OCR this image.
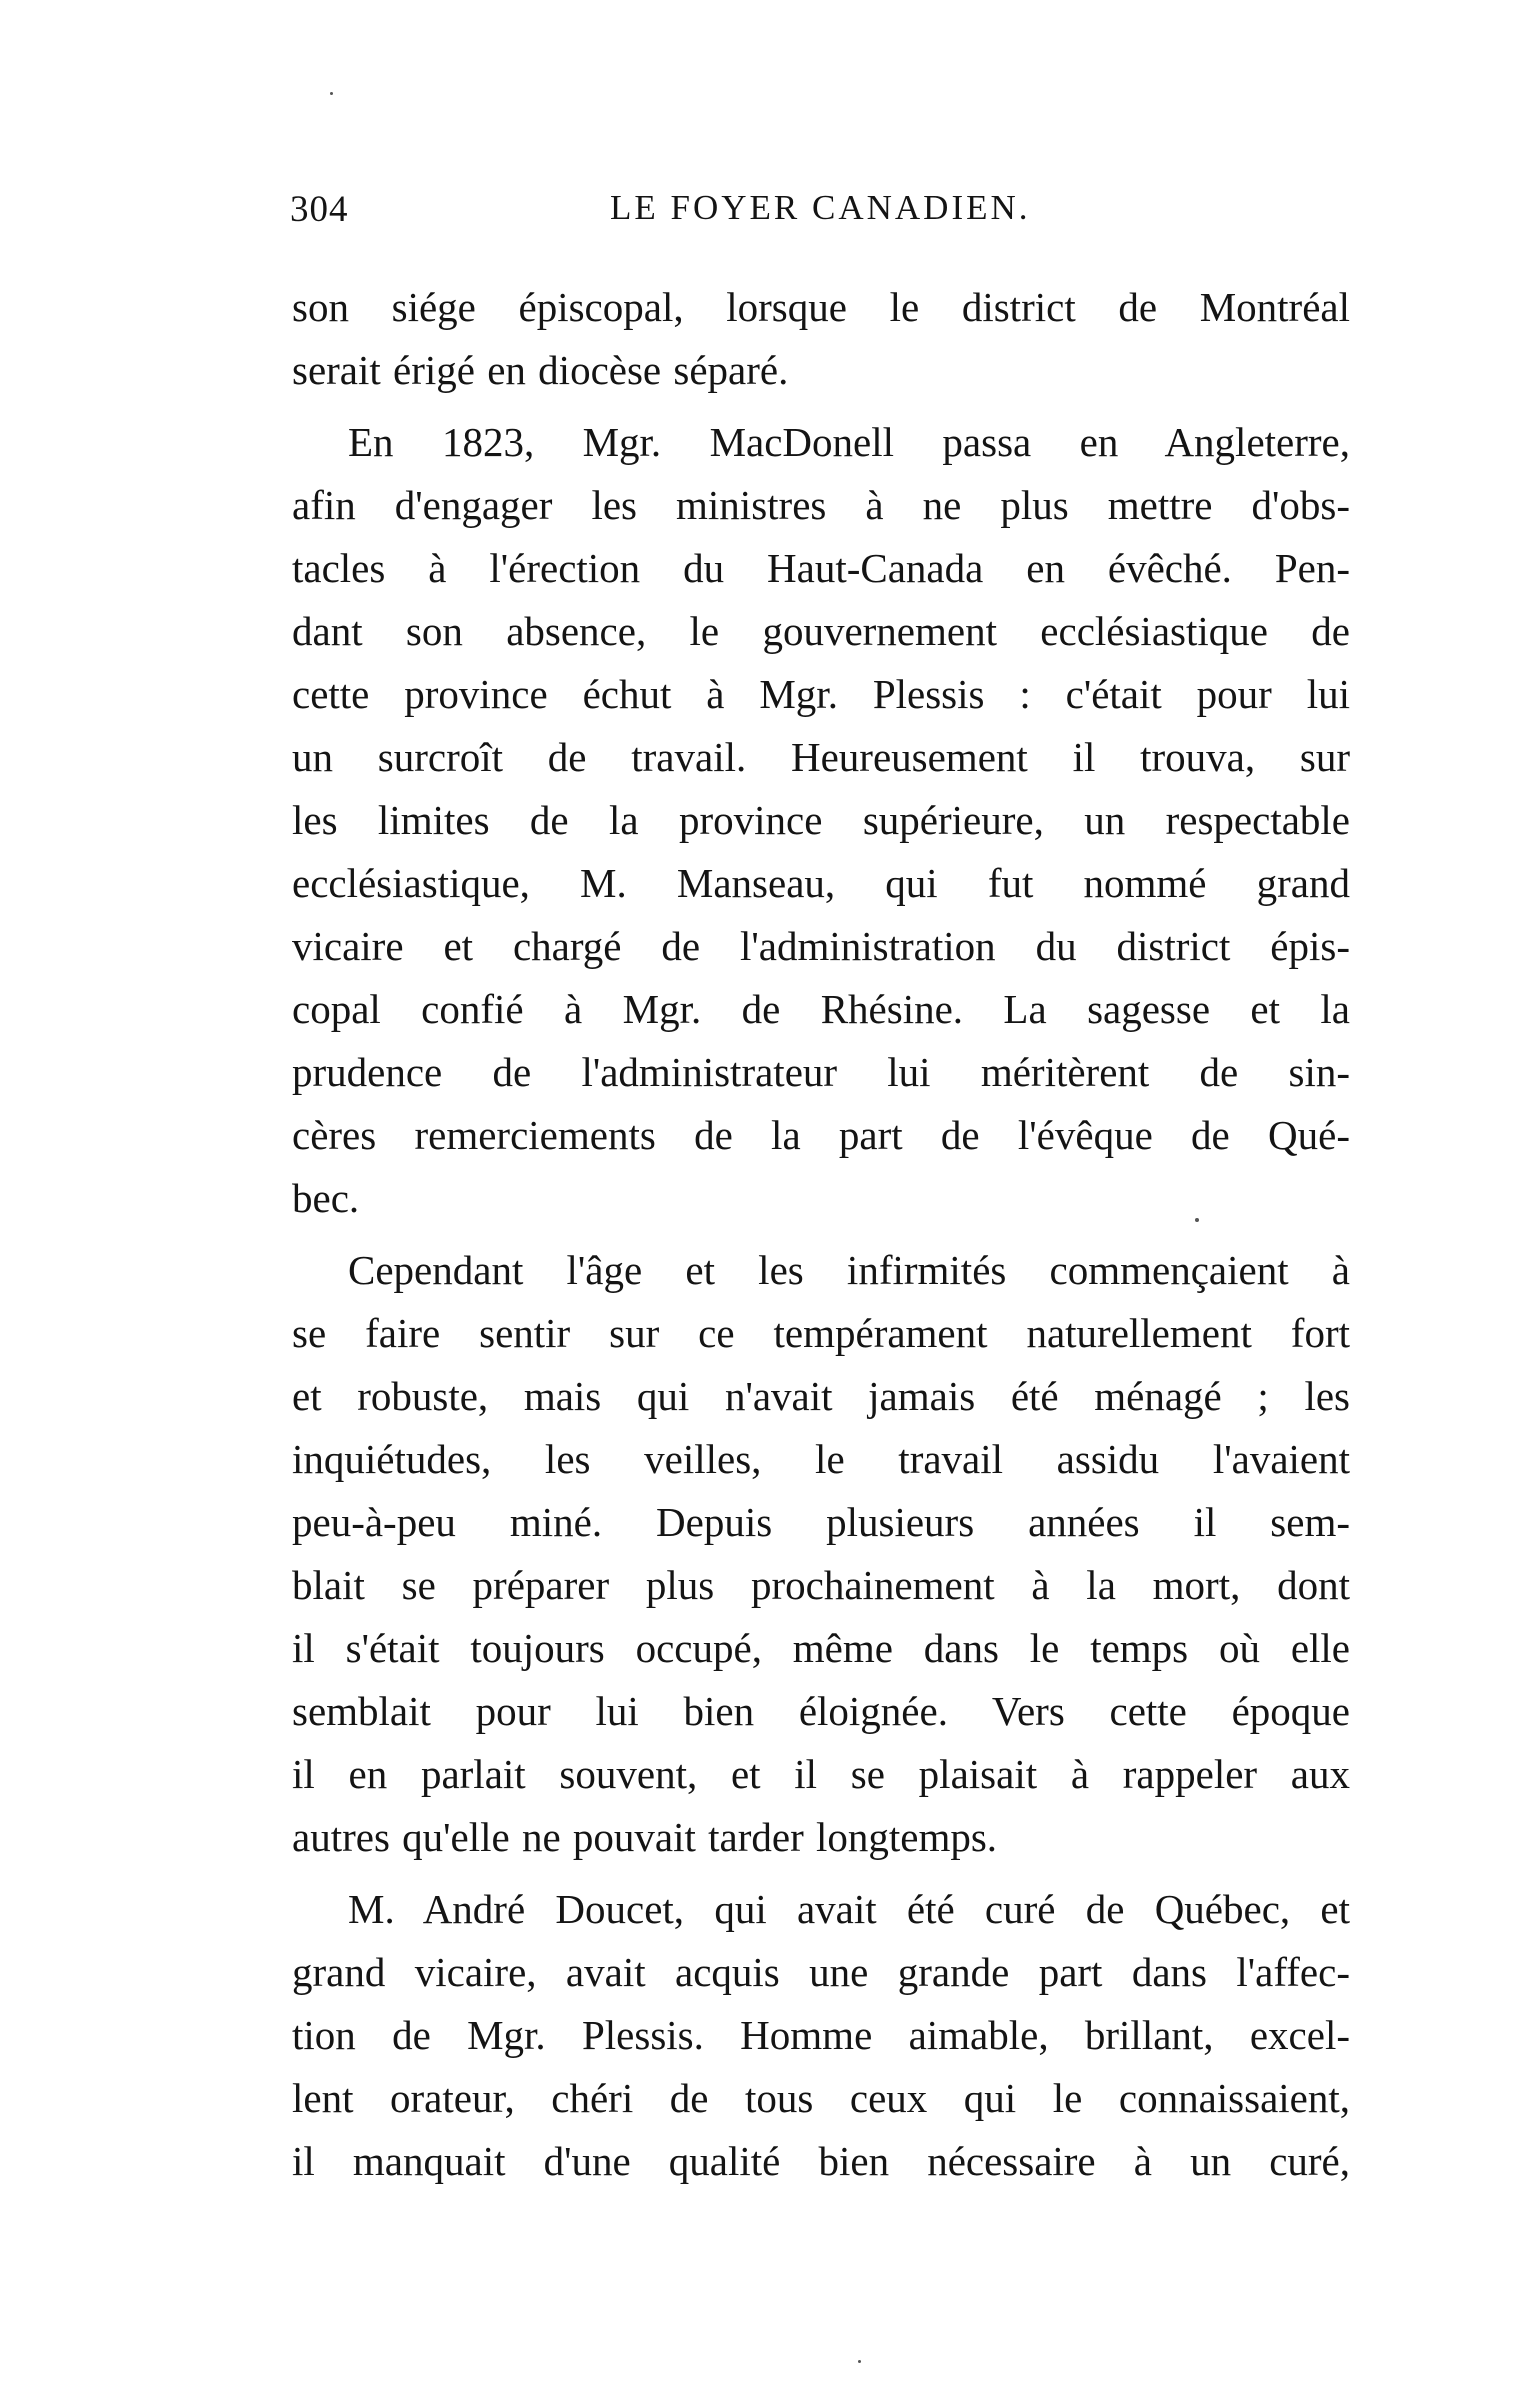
304	LE FOYER CANADIEN.
son siége épiscopal, lorsque le district de Montréal
serait érigé en diocèse séparé.
En 1823, Mgr. MacDonell passa en Angleterre,
afin d'engager les ministres à ne plus mettre d'obs-
tacles à l'érection du Haut-Canada en évêché. Pen-
dant son absence, le gouvernement ecclésiastique de
cette province échut à Mgr. Plessis : c'était pour lui
un surcroît de travail. Heureusement il trouva, sur
les limites de la province supérieure, un respectable
ecclésiastique, M. Manseau, qui fut nommé grand
vicaire et chargé de l'administration du district épis-
copal confié à Mgr. de Rhésine. La sagesse et la
prudence de l'administrateur lui méritèrent de sin-
cères remerciements de la part de l'évêque de Qué-
bec.
Cependant l'âge et les infirmités commençaient à
se faire sentir sur ce tempérament naturellement fort
et robuste, mais qui n'avait jamais été ménagé ; les
inquiétudes, les veilles, le travail assidu l'avaient
peu-à-peu miné. Depuis plusieurs années il sem-
blait se préparer plus prochainement à la mort, dont
il s'était toujours occupé, même dans le temps où elle
semblait pour lui bien éloignée. Vers cette époque
il en parlait souvent, et il se plaisait à rappeler aux
autres qu'elle ne pouvait tarder longtemps.
M. André Doucet, qui avait été curé de Québec, et
grand vicaire, avait acquis une grande part dans l'affec-
tion de Mgr. Plessis. Homme aimable, brillant, excel-
lent orateur, chéri de tous ceux qui le connaissaient,
il manquait d'une qualité bien nécessaire à un curé,
